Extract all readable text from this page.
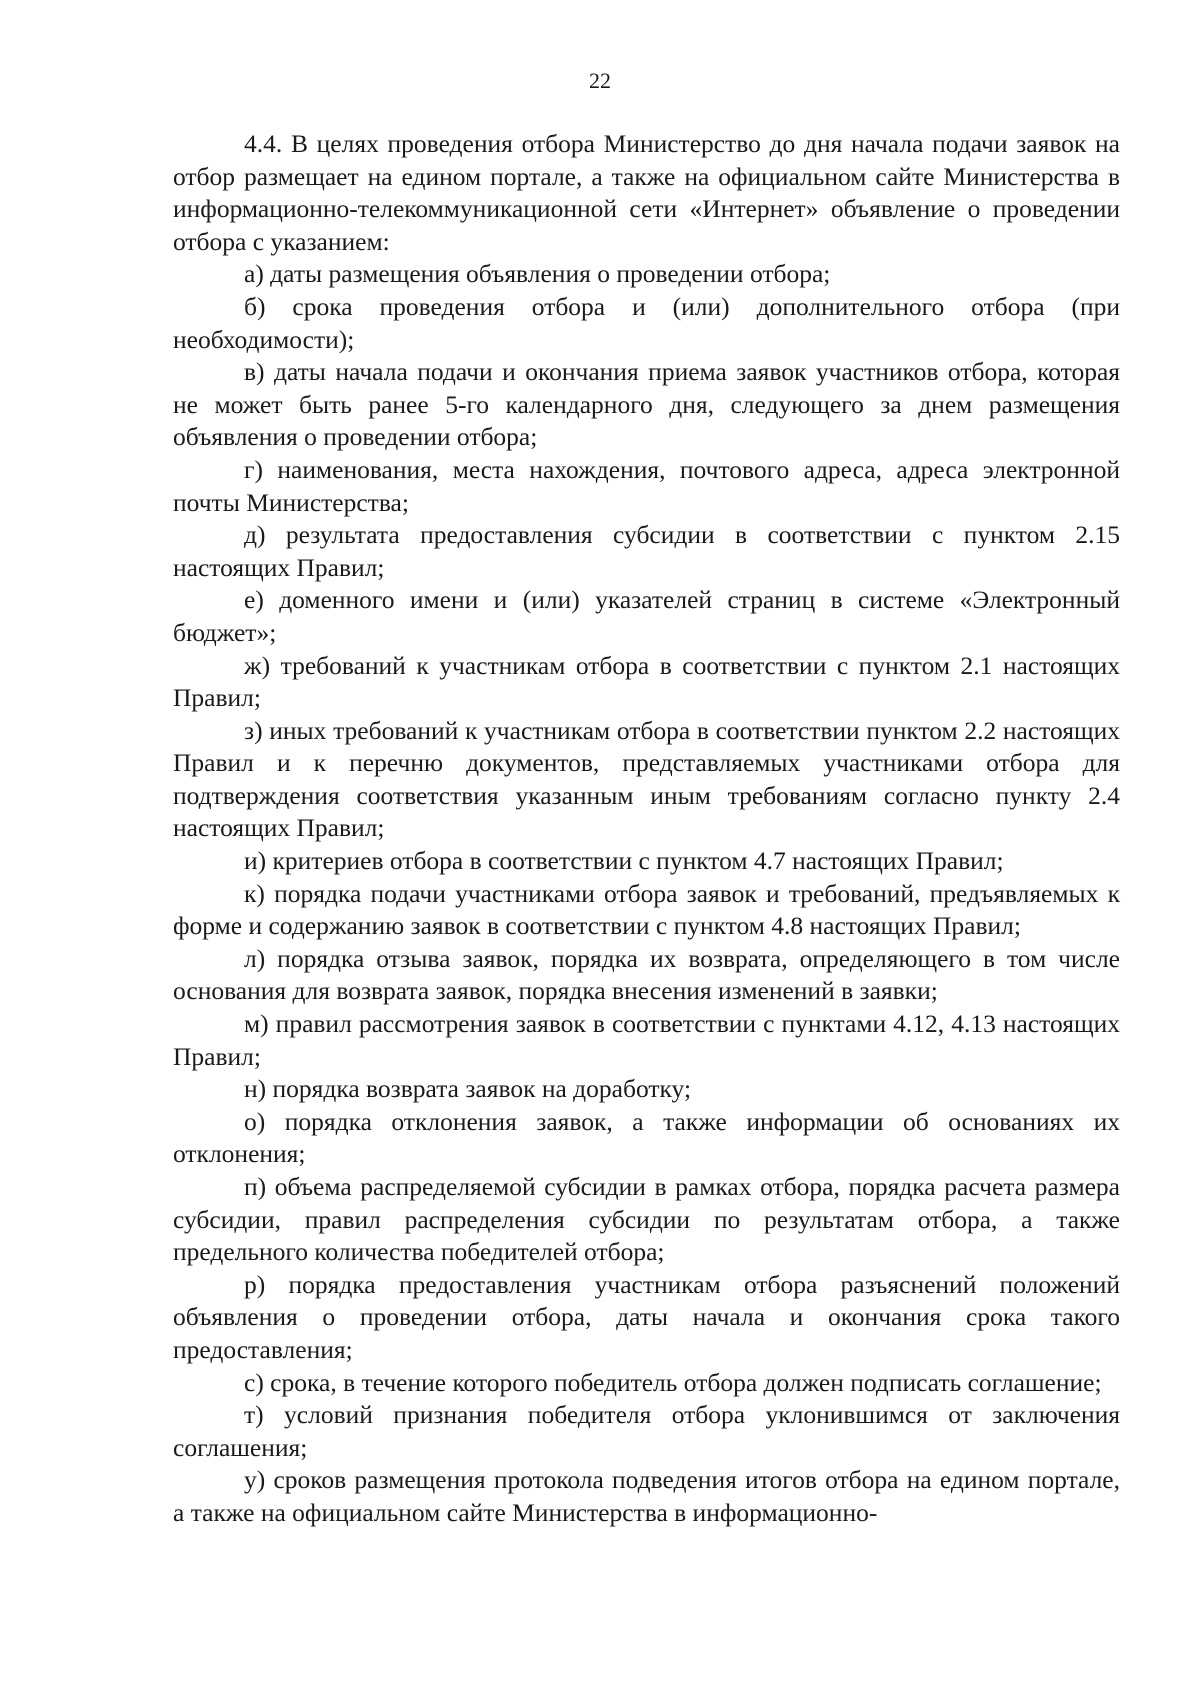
22

4.4. В целях проведения отбора Министерство до дня начала подачи заявок на отбор размещает на едином портале, а также на официальном сайте Министерства в информационно-телекоммуникационной сети «Интернет» объявление о проведении отбора с указанием:

а) даты размещения объявления о проведении отбора;

б) срока проведения отбора и (или) дополнительного отбора (при необходимости);

в) даты начала подачи и окончания приема заявок участников отбора, которая не может быть ранее 5-го календарного дня, следующего за днем размещения объявления о проведении отбора;

г) наименования, места нахождения, почтового адреса, адреса электронной почты Министерства;

д) результата предоставления субсидии в соответствии с пунктом 2.15 настоящих Правил;

е) доменного имени и (или) указателей страниц в системе «Электронный бюджет»;

ж) требований к участникам отбора в соответствии с пунктом 2.1 настоящих Правил;

з) иных требований к участникам отбора в соответствии пунктом 2.2 настоящих Правил и к перечню документов, представляемых участниками отбора для подтверждения соответствия указанным иным требованиям согласно пункту 2.4 настоящих Правил;

и) критериев отбора в соответствии с пунктом 4.7 настоящих Правил;

к) порядка подачи участниками отбора заявок и требований, предъявляемых к форме и содержанию заявок в соответствии с пунктом 4.8 настоящих Правил;

л) порядка отзыва заявок, порядка их возврата, определяющего в том числе основания для возврата заявок, порядка внесения изменений в заявки;

м) правил рассмотрения заявок в соответствии с пунктами 4.12, 4.13 настоящих Правил;

н) порядка возврата заявок на доработку;

о) порядка отклонения заявок, а также информации об основаниях их отклонения;

п) объема распределяемой субсидии в рамках отбора, порядка расчета размера субсидии, правил распределения субсидии по результатам отбора, а также предельного количества победителей отбора;

р) порядка предоставления участникам отбора разъяснений положений объявления о проведении отбора, даты начала и окончания срока такого предоставления;

с) срока, в течение которого победитель отбора должен подписать соглашение;

т) условий признания победителя отбора уклонившимся от заключения соглашения;

у) сроков размещения протокола подведения итогов отбора на едином портале, а также на официальном сайте Министерства в информационно-
